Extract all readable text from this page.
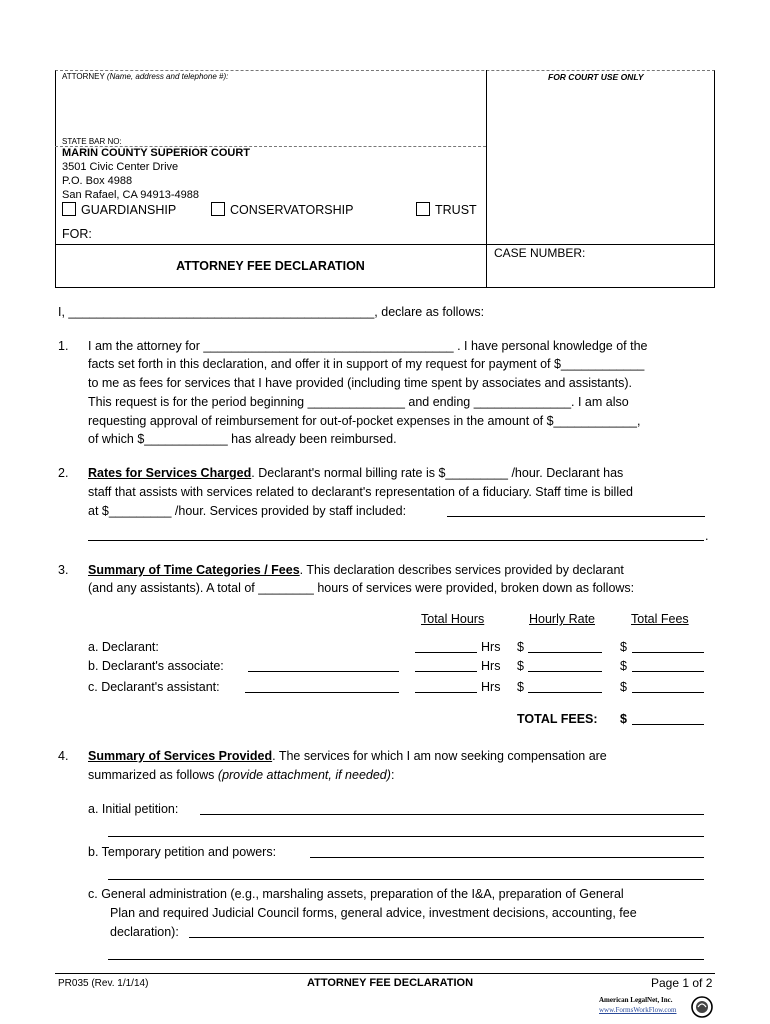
ATTORNEY (Name, address and telephone #):	FOR COURT USE ONLY
STATE BAR NO:
MARIN COUNTY SUPERIOR COURT
3501 Civic Center Drive
P.O. Box 4988
San Rafael, CA 94913-4988
GUARDIANSHIP	CONSERVATORSHIP	TRUST
FOR:
ATTORNEY FEE DECLARATION
CASE NUMBER:
I, ____________________________________________, declare as follows:
1. I am the attorney for ____________________________________ . I have personal knowledge of the
facts set forth in this declaration, and offer it in support of my request for payment of $____________
to me as fees for services that I have provided (including time spent by associates and assistants).
This request is for the period beginning ______________ and ending ______________. I am also
requesting approval of reimbursement for out-of-pocket expenses in the amount of $____________,
of which $____________ has already been reimbursed.
2. Rates for Services Charged. Declarant's normal billing rate is $_________ /hour. Declarant has
staff that assists with services related to declarant's representation of a fiduciary. Staff time is billed
at $_________ /hour. Services provided by staff included:
.
3. Summary of Time Categories / Fees. This declaration describes services provided by declarant
(and any assistants). A total of ________ hours of services were provided, broken down as follows:
Total Hours	Hourly Rate	Total Fees
a. Declarant:	Hrs $	$
b. Declarant's associate:	Hrs $	$
c. Declarant's assistant:	Hrs $	$
TOTAL FEES: $
4. Summary of Services Provided. The services for which I am now seeking compensation are
summarized as follows (provide attachment, if needed):
a. Initial petition:
b. Temporary petition and powers:
c. General administration (e.g., marshaling assets, preparation of the I&A, preparation of General
Plan and required Judicial Council forms, general advice, investment decisions, accounting, fee
declaration):
PR035 (Rev. 1/1/14)	ATTORNEY FEE DECLARATION	Page 1 of 2
American LegalNet, Inc.
www.FormsWorkFlow.com
